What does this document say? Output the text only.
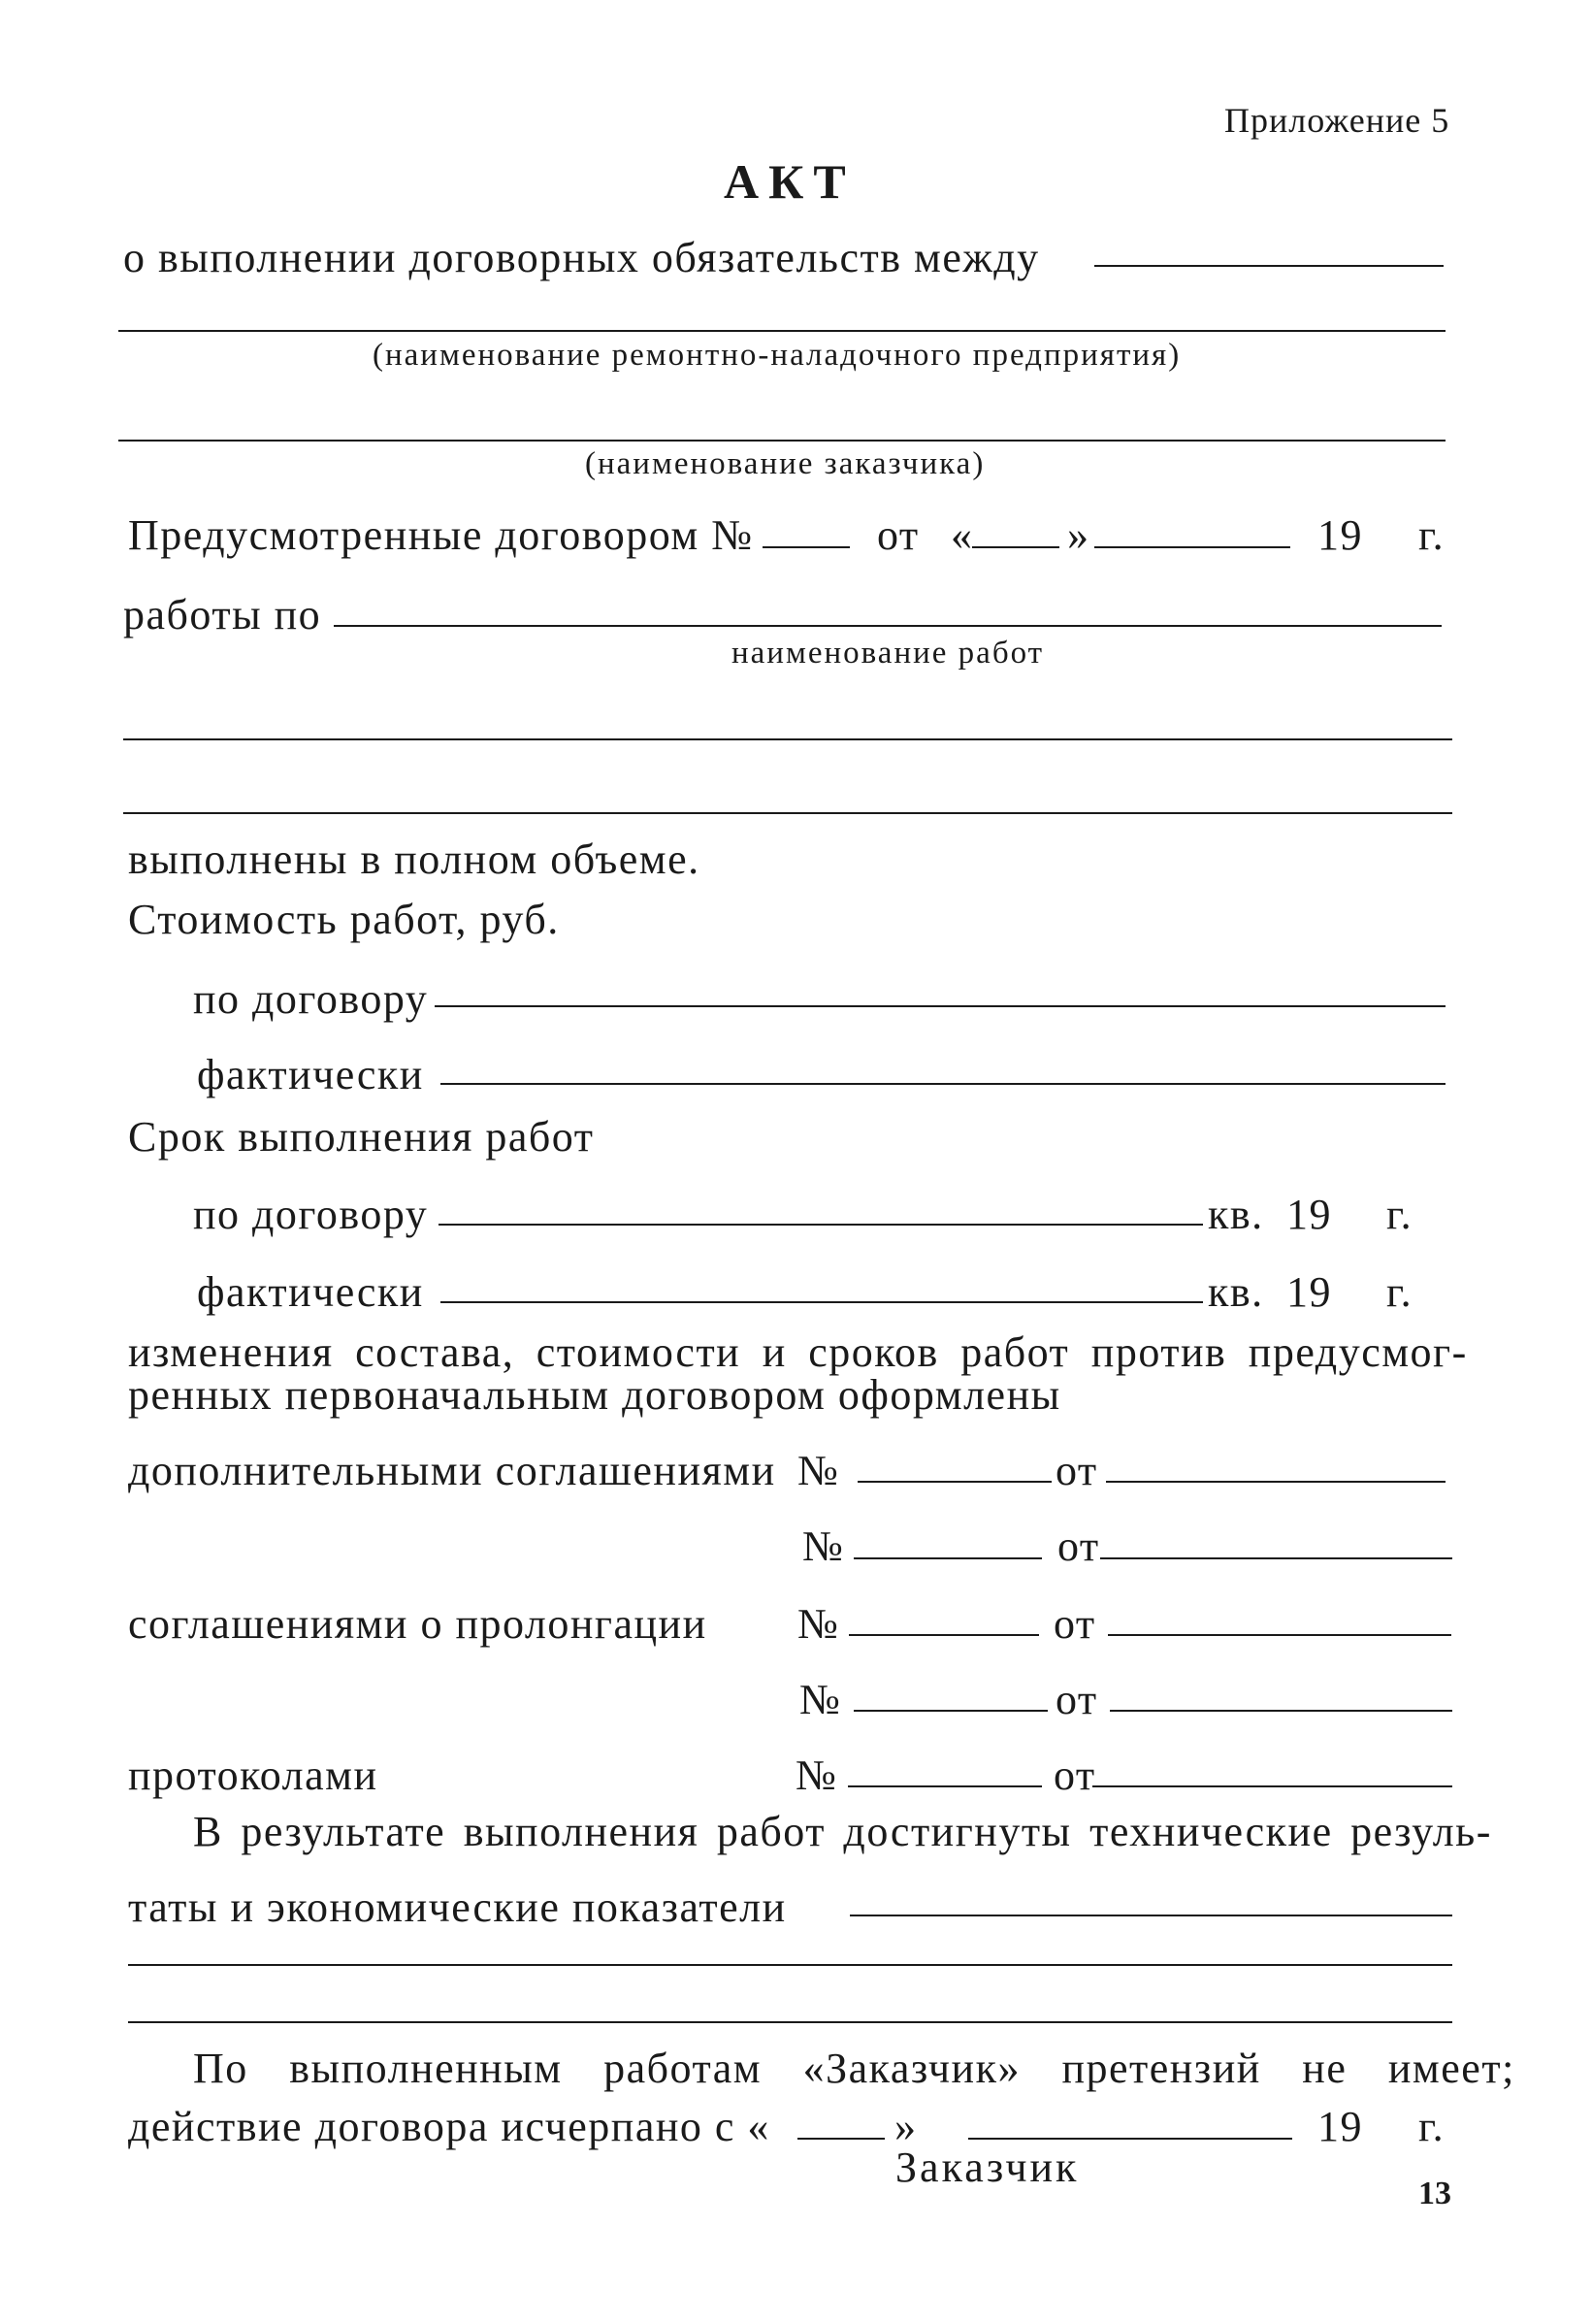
Приложение 5
АКТ
о выполнении договорных обязательств между
(наименование ремонтно-наладочного предприятия)
(наименование заказчика)
Предусмотренные договором №	от « »	19 г.
работы по
наименование работ
выполнены в полном объеме.
Стоимость работ, руб.
по договору
фактически
Срок выполнения работ
по договору	кв. 19 г.
фактически	кв. 19 г.
изменения состава, стоимости и сроков работ против предусмог-
ренных первоначальным договором оформлены
дополнительными соглашениями №	от
№	от
соглашениями о пролонгации №	от
№	от
протоколами	№	от
В результате выполнения работ достигнуты технические резуль-
таты и экономические показатели
По выполненным работам «Заказчик» претензий не имеет;
действие договора исчерпано с «	»	19 г.
Заказчик
13
